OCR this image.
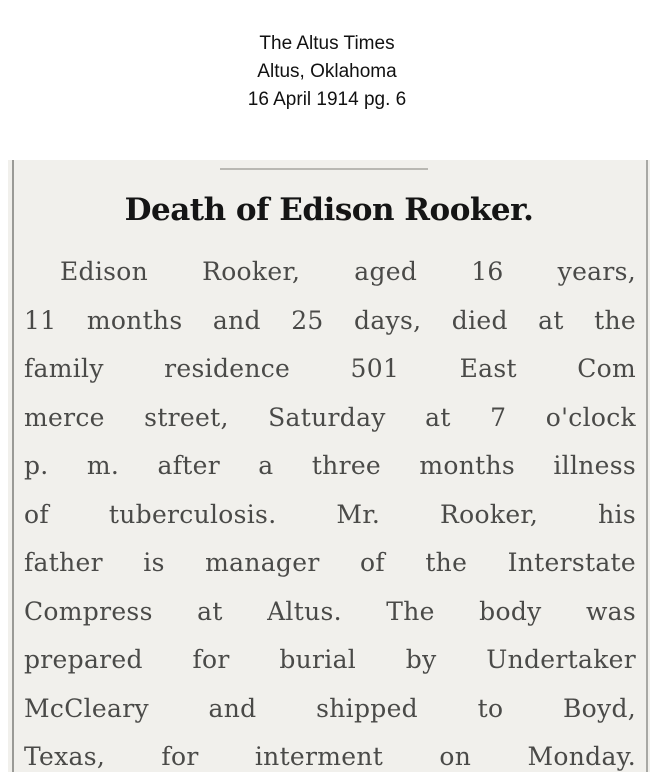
The Altus Times
Altus, Oklahoma
16 April 1914 pg. 6
Death of Edison Rooker.
Edison Rooker, aged 16 years,
11 months and 25 days, died at the
family residence 501 East Com
merce street, Saturday at 7 o'clock
p. m. after a three months illness
of tuberculosis. Mr. Rooker, his
father is manager of the Interstate
Compress at Altus. The body was
prepared for burial by Undertaker
McCleary and shipped to Boyd,
Texas, for interment on Monday.
